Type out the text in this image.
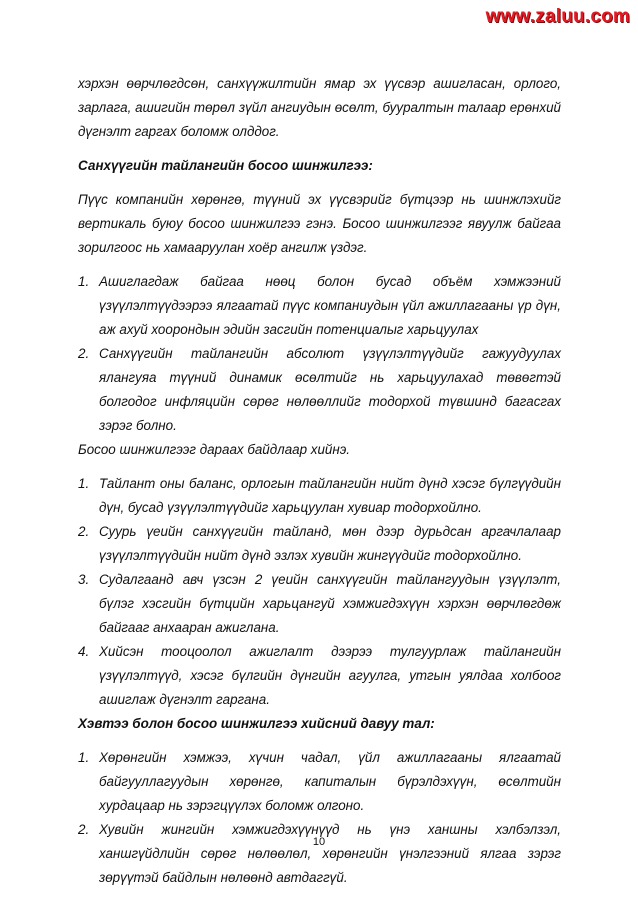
www.zaluu.com

хэрхэн өөрчлөгдсөн, санхүүжилтийн ямар эх үүсвэр ашигласан, орлого, зарлага, ашигийн төрөл зүйл ангиудын өсөлт, бууралтын талаар ерөнхий дүгнэлт гаргах боломж олддог.

Санхүүгийн тайлангийн босоо шинжилгээ:

Пүүс компанийн хөрөнгө, түүний эх үүсвэрийг бүтцээр нь шинжлэхийг вертикаль буюу босоо шинжилгээ гэнэ. Босоо шинжилгээг явуулж байгаа зорилгоос нь хамааруулан хоёр ангилж үздэг.

1. Ашиглагдаж байгаа нөөц болон бусад объём хэмжээний үзүүлэлтүүдээрээ ялгаатай пүүс компаниудын үйл ажиллагааны үр дүн, аж ахуй хоорондын эдийн засгийн потенциалыг харьцуулах
2. Санхүүгийн тайлангийн абсолют үзүүлэлтүүдийг гажуудуулах ялангуяа түүний динамик өсөлтийг нь харьцуулахад төвөгтэй болгодог инфляцийн сөрөг нөлөөллийг тодорхой түвшинд багасгах зэрэг болно.

Босоо шинжилгээг дараах байдлаар хийнэ.

1. Тайлант оны баланс, орлогын тайлангийн нийт дүнд хэсэг бүлгүүдийн дүн, бусад үзүүлэлтүүдийг харьцуулан хувиар тодорхойлно.
2. Суурь үеийн санхүүгийн тайланд, мөн дээр дурьдсан аргачлалаар үзүүлэлтүүдийн нийт дүнд эзлэх хувийн жингүүдийг тодорхойлно.
3. Судалгаанд авч үзсэн 2 үеийн санхүүгийн тайлангуудын үзүүлэлт, бүлэг хэсгийн бүтцийн харьцангуй хэмжигдэхүүн хэрхэн өөрчлөгдөж байгааг анхааран ажиглана.
4. Хийсэн тооцоолол ажиглалт дээрээ тулгуурлаж тайлангийн үзүүлэлтүүд, хэсэг бүлгийн дүнгийн агуулга, утгын уялдаа холбоог ашиглаж дүгнэлт гаргана.
Хэвтээ болон босоо шинжилгээ хийсний давуу тал:
1. Хөрөнгийн хэмжээ, хүчин чадал, үйл ажиллагааны ялгаатай байгууллагуудын хөрөнгө, капиталын бүрэлдэхүүн, өсөлтийн хурдацаар нь зэрэгцүүлэх боломж олгоно.
2. Хувийн жингийн хэмжигдэхүүнүүд нь үнэ ханшны хэлбэлзэл, ханшгүйдлийн сөрөг нөлөөлөл, хөрөнгийн үнэлгээний ялгаа зэрэг зөрүүтэй байдлын нөлөөнд автдаггүй.
10
